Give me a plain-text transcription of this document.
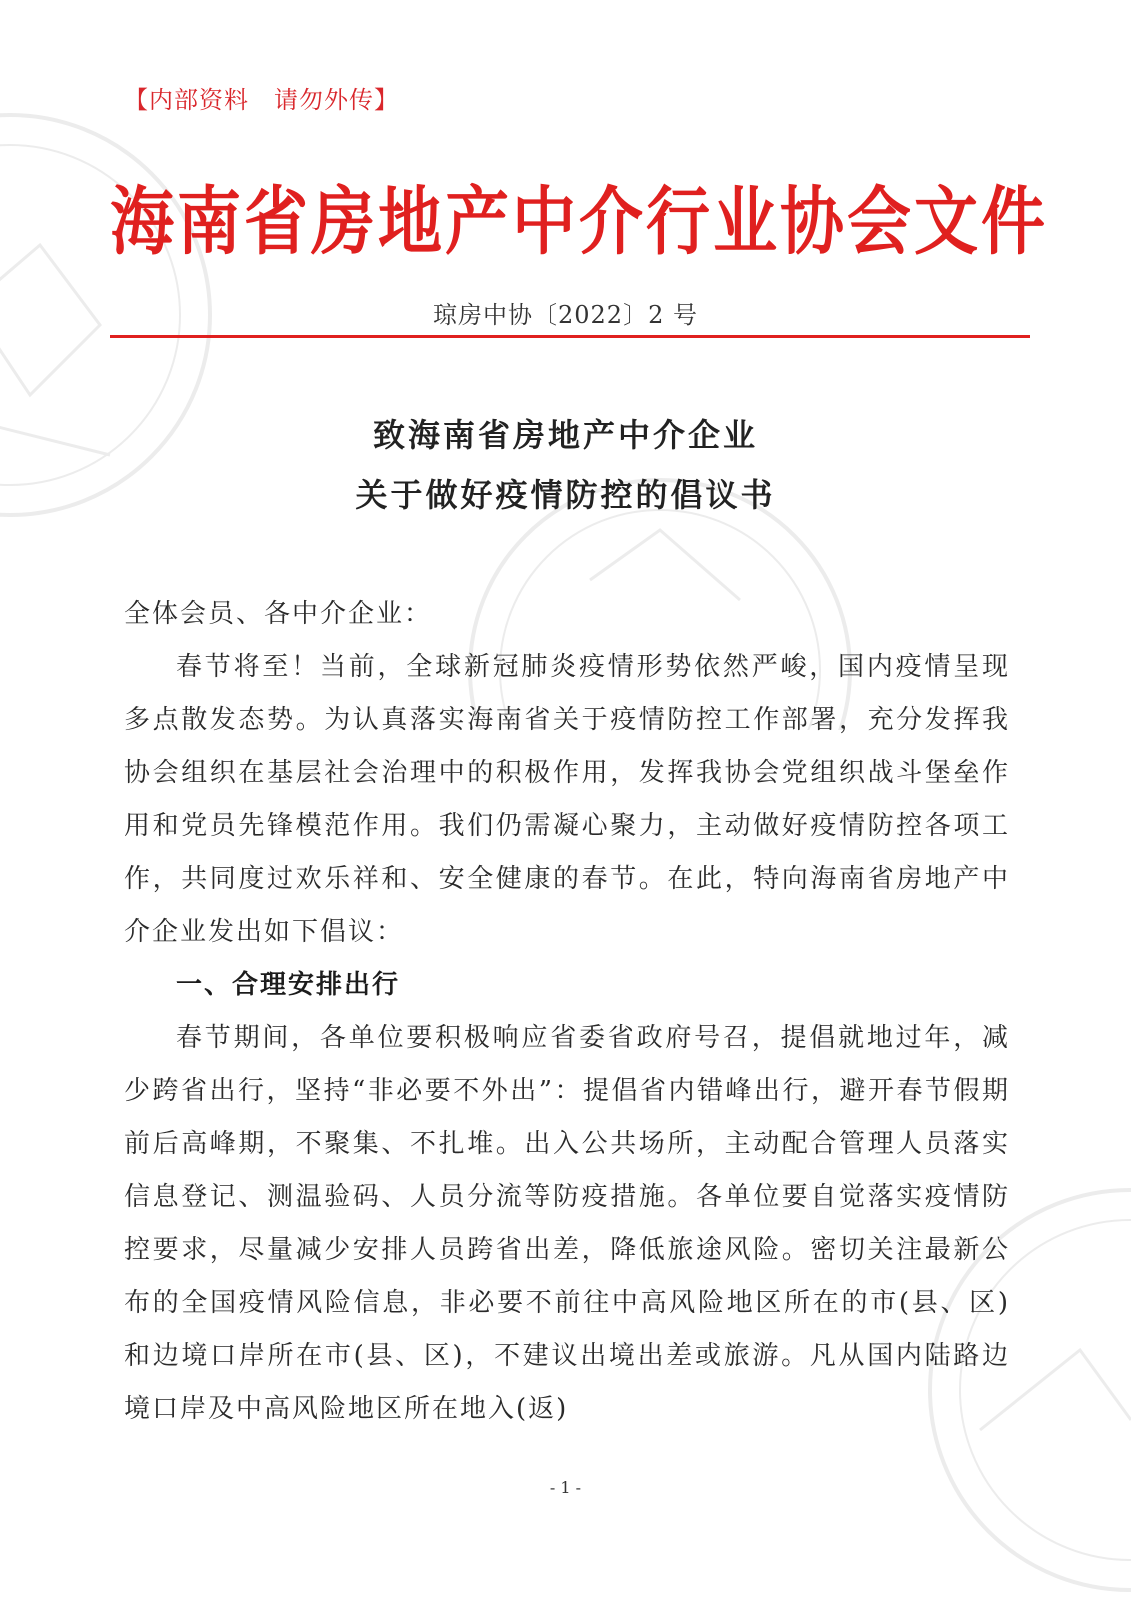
【内部资料　请勿外传】
海南省房地产中介行业协会文件
琼房中协〔2022〕2 号
致海南省房地产中介企业
关于做好疫情防控的倡议书

全体会员、各中介企业：

春节将至！当前，全球新冠肺炎疫情形势依然严峻，国内疫情呈现多点散发态势。为认真落实海南省关于疫情防控工作部署，充分发挥我协会组织在基层社会治理中的积极作用，发挥我协会党组织战斗堡垒作用和党员先锋模范作用。我们仍需凝心聚力，主动做好疫情防控各项工作，共同度过欢乐祥和、安全健康的春节。在此，特向海南省房地产中介企业发出如下倡议：

一、合理安排出行

春节期间，各单位要积极响应省委省政府号召，提倡就地过年，减少跨省出行，坚持“非必要不外出”：提倡省内错峰出行，避开春节假期前后高峰期，不聚集、不扎堆。出入公共场所，主动配合管理人员落实信息登记、测温验码、人员分流等防疫措施。各单位要自觉落实疫情防控要求，尽量减少安排人员跨省出差，降低旅途风险。密切关注最新公布的全国疫情风险信息，非必要不前往中高风险地区所在的市(县、区)和边境口岸所在市(县、区)，不建议出境出差或旅游。凡从国内陆路边境口岸及中高风险地区所在地入(返)

- 1 -
